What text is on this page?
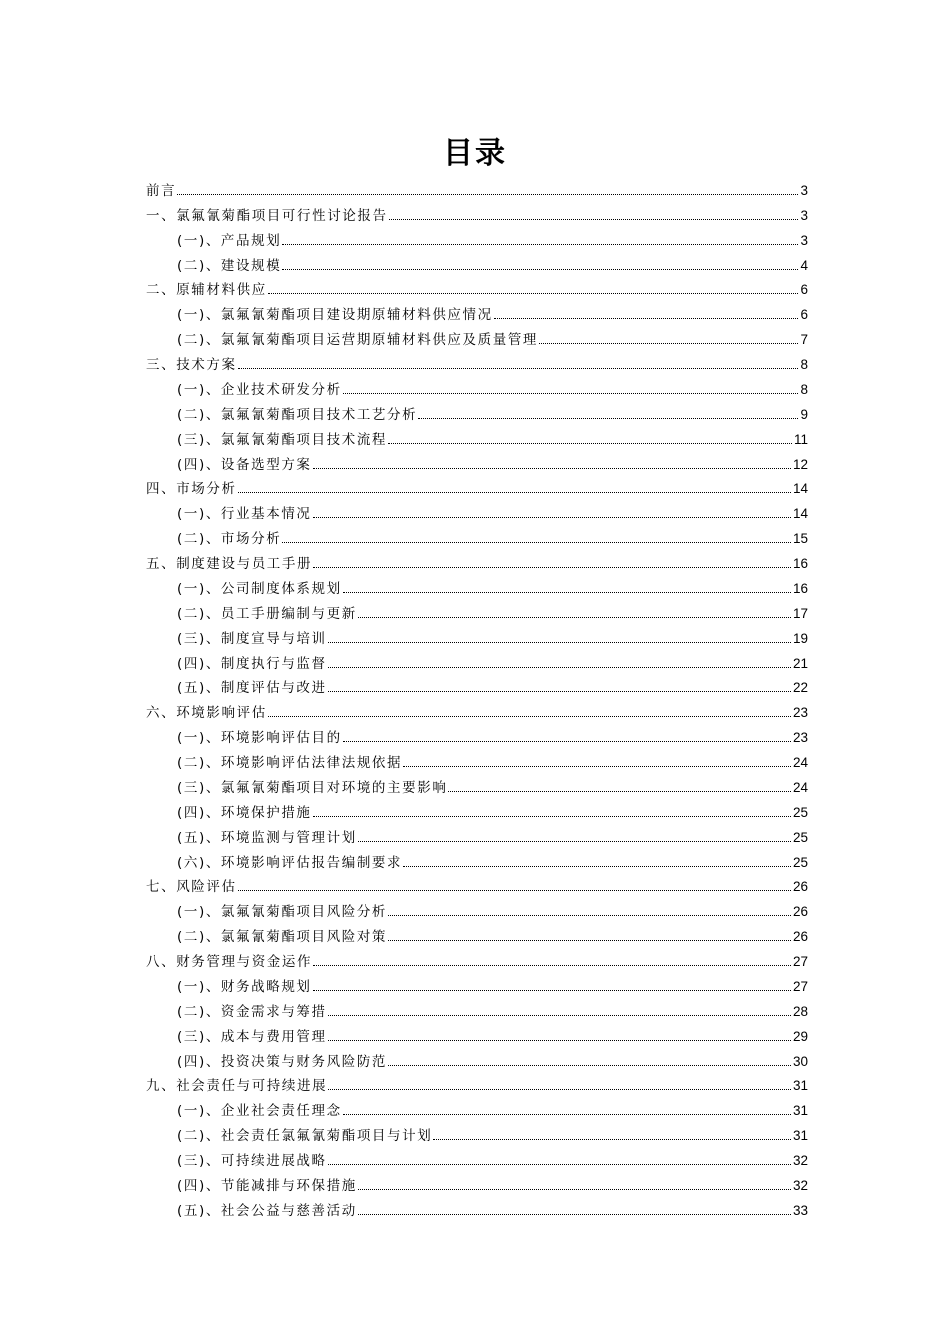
目录
前言	3
一、氯氟氰菊酯项目可行性讨论报告	3
(一)、产品规划	3
(二)、建设规模	4
二、原辅材料供应	6
(一)、氯氟氰菊酯项目建设期原辅材料供应情况	6
(二)、氯氟氰菊酯项目运营期原辅材料供应及质量管理	7
三、技术方案	8
(一)、企业技术研发分析	8
(二)、氯氟氰菊酯项目技术工艺分析	9
(三)、氯氟氰菊酯项目技术流程	11
(四)、设备选型方案	12
四、市场分析	14
(一)、行业基本情况	14
(二)、市场分析	15
五、制度建设与员工手册	16
(一)、公司制度体系规划	16
(二)、员工手册编制与更新	17
(三)、制度宣导与培训	19
(四)、制度执行与监督	21
(五)、制度评估与改进	22
六、环境影响评估	23
(一)、环境影响评估目的	23
(二)、环境影响评估法律法规依据	24
(三)、氯氟氰菊酯项目对环境的主要影响	24
(四)、环境保护措施	25
(五)、环境监测与管理计划	25
(六)、环境影响评估报告编制要求	25
七、风险评估	26
(一)、氯氟氰菊酯项目风险分析	26
(二)、氯氟氰菊酯项目风险对策	26
八、财务管理与资金运作	27
(一)、财务战略规划	27
(二)、资金需求与筹措	28
(三)、成本与费用管理	29
(四)、投资决策与财务风险防范	30
九、社会责任与可持续进展	31
(一)、企业社会责任理念	31
(二)、社会责任氯氟氰菊酯项目与计划	31
(三)、可持续进展战略	32
(四)、节能减排与环保措施	32
(五)、社会公益与慈善活动	33
